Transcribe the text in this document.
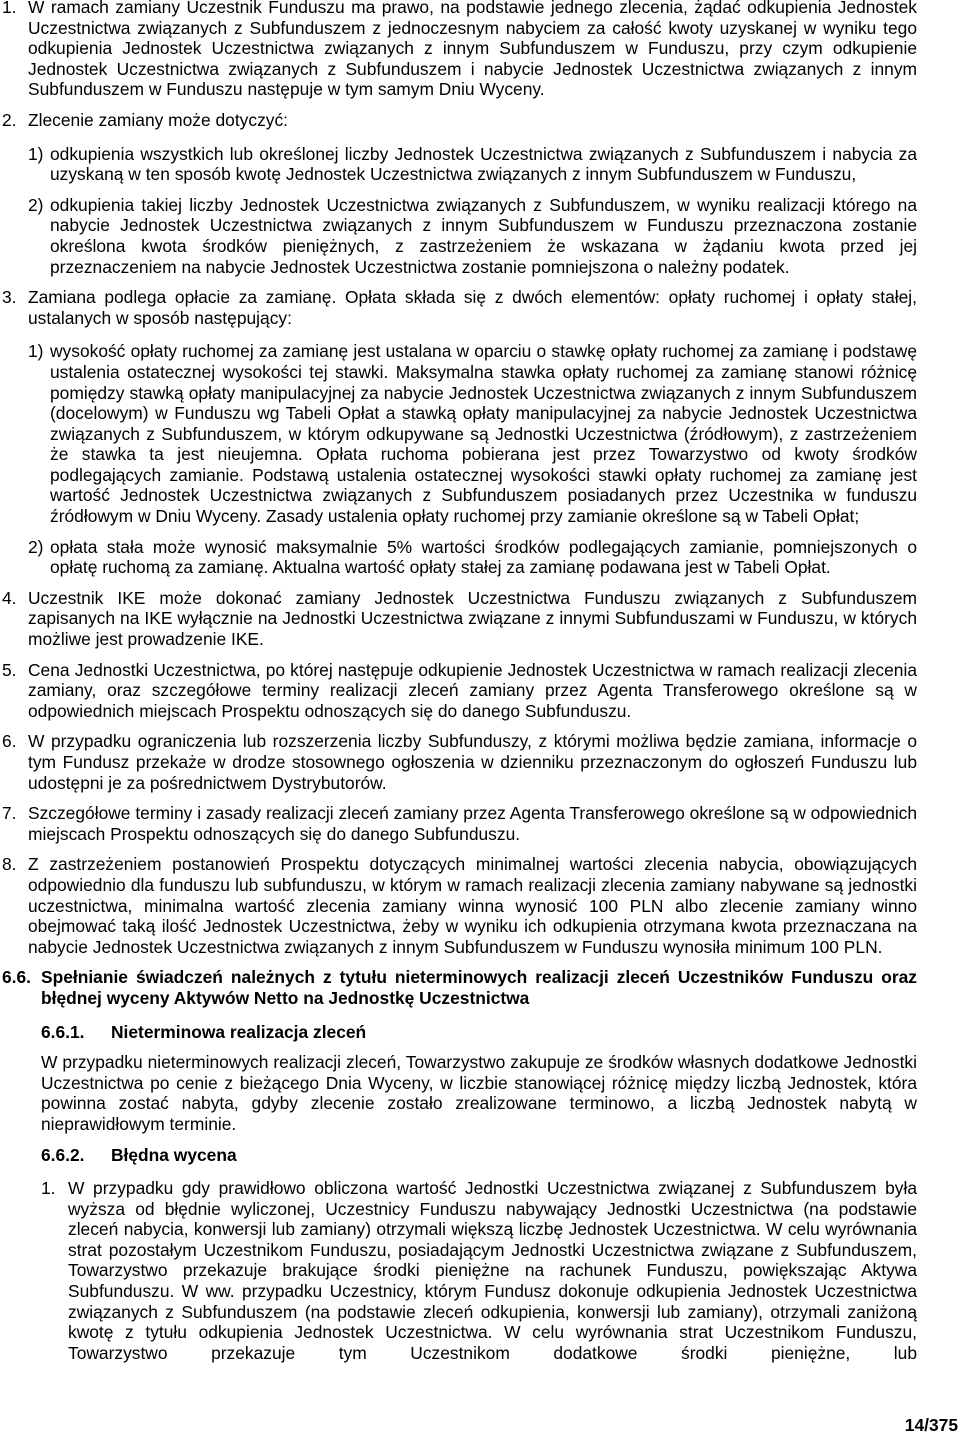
1. W ramach zamiany Uczestnik Funduszu ma prawo, na podstawie jednego zlecenia, żądać odkupienia Jednostek Uczestnictwa związanych z Subfunduszem z jednoczesnym nabyciem za całość kwoty uzyskanej w wyniku tego odkupienia Jednostek Uczestnictwa związanych z innym Subfunduszem w Funduszu, przy czym odkupienie Jednostek Uczestnictwa związanych z Subfunduszem i nabycie Jednostek Uczestnictwa związanych z innym Subfunduszem w Funduszu następuje w tym samym Dniu Wyceny.
2. Zlecenie zamiany może dotyczyć:
1) odkupienia wszystkich lub określonej liczby Jednostek Uczestnictwa związanych z Subfunduszem i nabycia za uzyskaną w ten sposób kwotę Jednostek Uczestnictwa związanych z innym Subfunduszem w Funduszu,
2) odkupienia takiej liczby Jednostek Uczestnictwa związanych z Subfunduszem, w wyniku realizacji którego na nabycie Jednostek Uczestnictwa związanych z innym Subfunduszem w Funduszu przeznaczona zostanie określona kwota środków pieniężnych, z zastrzeżeniem że wskazana w żądaniu kwota przed jej przeznaczeniem na nabycie Jednostek Uczestnictwa zostanie pomniejszona o należny podatek.
3. Zamiana podlega opłacie za zamianę. Opłata składa się z dwóch elementów: opłaty ruchomej i opłaty stałej, ustalanych w sposób następujący:
1) wysokość opłaty ruchomej za zamianę jest ustalana w oparciu o stawkę opłaty ruchomej za zamianę i podstawę ustalenia ostatecznej wysokości tej stawki. Maksymalna stawka opłaty ruchomej za zamianę stanowi różnicę pomiędzy stawką opłaty manipulacyjnej za nabycie Jednostek Uczestnictwa związanych z innym Subfunduszem (docelowym) w Funduszu wg Tabeli Opłat a stawką opłaty manipulacyjnej za nabycie Jednostek Uczestnictwa związanych z Subfunduszem, w którym odkupywane są Jednostki Uczestnictwa (źródłowym), z zastrzeżeniem że stawka ta jest nieujemna. Opłata ruchoma pobierana jest przez Towarzystwo od kwoty środków podlegających zamianie. Podstawą ustalenia ostatecznej wysokości stawki opłaty ruchomej za zamianę jest wartość Jednostek Uczestnictwa związanych z Subfunduszem posiadanych przez Uczestnika w funduszu źródłowym w Dniu Wyceny. Zasady ustalenia opłaty ruchomej przy zamianie określone są w Tabeli Opłat;
2) opłata stała może wynosić maksymalnie 5% wartości środków podlegających zamianie, pomniejszonych o opłatę ruchomą za zamianę. Aktualna wartość opłaty stałej za zamianę podawana jest w Tabeli Opłat.
4. Uczestnik IKE może dokonać zamiany Jednostek Uczestnictwa Funduszu związanych z Subfunduszem zapisanych na IKE wyłącznie na Jednostki Uczestnictwa związane z innymi Subfunduszami w Funduszu, w których możliwe jest prowadzenie IKE.
5. Cena Jednostki Uczestnictwa, po której następuje odkupienie Jednostek Uczestnictwa w ramach realizacji zlecenia zamiany, oraz szczegółowe terminy realizacji zleceń zamiany przez Agenta Transferowego określone są w odpowiednich miejscach Prospektu odnoszących się do danego Subfunduszu.
6. W przypadku ograniczenia lub rozszerzenia liczby Subfunduszy, z którymi możliwa będzie zamiana, informacje o tym Fundusz przekaże w drodze stosownego ogłoszenia w dzienniku przeznaczonym do ogłoszeń Funduszu lub udostępni je za pośrednictwem Dystrybutorów.
7. Szczegółowe terminy i zasady realizacji zleceń zamiany przez Agenta Transferowego określone są w odpowiednich miejscach Prospektu odnoszących się do danego Subfunduszu.
8. Z zastrzeżeniem postanowień Prospektu dotyczących minimalnej wartości zlecenia nabycia, obowiązujących odpowiednio dla funduszu lub subfunduszu, w którym w ramach realizacji zlecenia zamiany nabywane są jednostki uczestnictwa, minimalna wartość zlecenia zamiany winna wynosić 100 PLN albo zlecenie zamiany winno obejmować taką ilość Jednostek Uczestnictwa, żeby w wyniku ich odkupienia otrzymana kwota przeznaczana na nabycie Jednostek Uczestnictwa związanych z innym Subfunduszem w Funduszu wynosiła minimum 100 PLN.
6.6. Spełnianie świadczeń należnych z tytułu nieterminowych realizacji zleceń Uczestników Funduszu oraz błędnej wyceny Aktywów Netto na Jednostkę Uczestnictwa
6.6.1. Nieterminowa realizacja zleceń
W przypadku nieterminowych realizacji zleceń, Towarzystwo zakupuje ze środków własnych dodatkowe Jednostki Uczestnictwa po cenie z bieżącego Dnia Wyceny, w liczbie stanowiącej różnicę między liczbą Jednostek, która powinna zostać nabyta, gdyby zlecenie zostało zrealizowane terminowo, a liczbą Jednostek nabytą w nieprawidłowym terminie.
6.6.2. Błędna wycena
1. W przypadku gdy prawidłowo obliczona wartość Jednostki Uczestnictwa związanej z Subfunduszem była wyższa od błędnie wyliczonej, Uczestnicy Funduszu nabywający Jednostki Uczestnictwa (na podstawie zleceń nabycia, konwersji lub zamiany) otrzymali większą liczbę Jednostek Uczestnictwa. W celu wyrównania strat pozostałym Uczestnikom Funduszu, posiadającym Jednostki Uczestnictwa związane z Subfunduszem, Towarzystwo przekazuje brakujące środki pieniężne na rachunek Funduszu, powiększając Aktywa Subfunduszu. W ww. przypadku Uczestnicy, którym Fundusz dokonuje odkupienia Jednostek Uczestnictwa związanych z Subfunduszem (na podstawie zleceń odkupienia, konwersji lub zamiany), otrzymali zaniżoną kwotę z tytułu odkupienia Jednostek Uczestnictwa. W celu wyrównania strat Uczestnikom Funduszu, Towarzystwo przekazuje tym Uczestnikom dodatkowe środki pieniężne, lub
14/375
